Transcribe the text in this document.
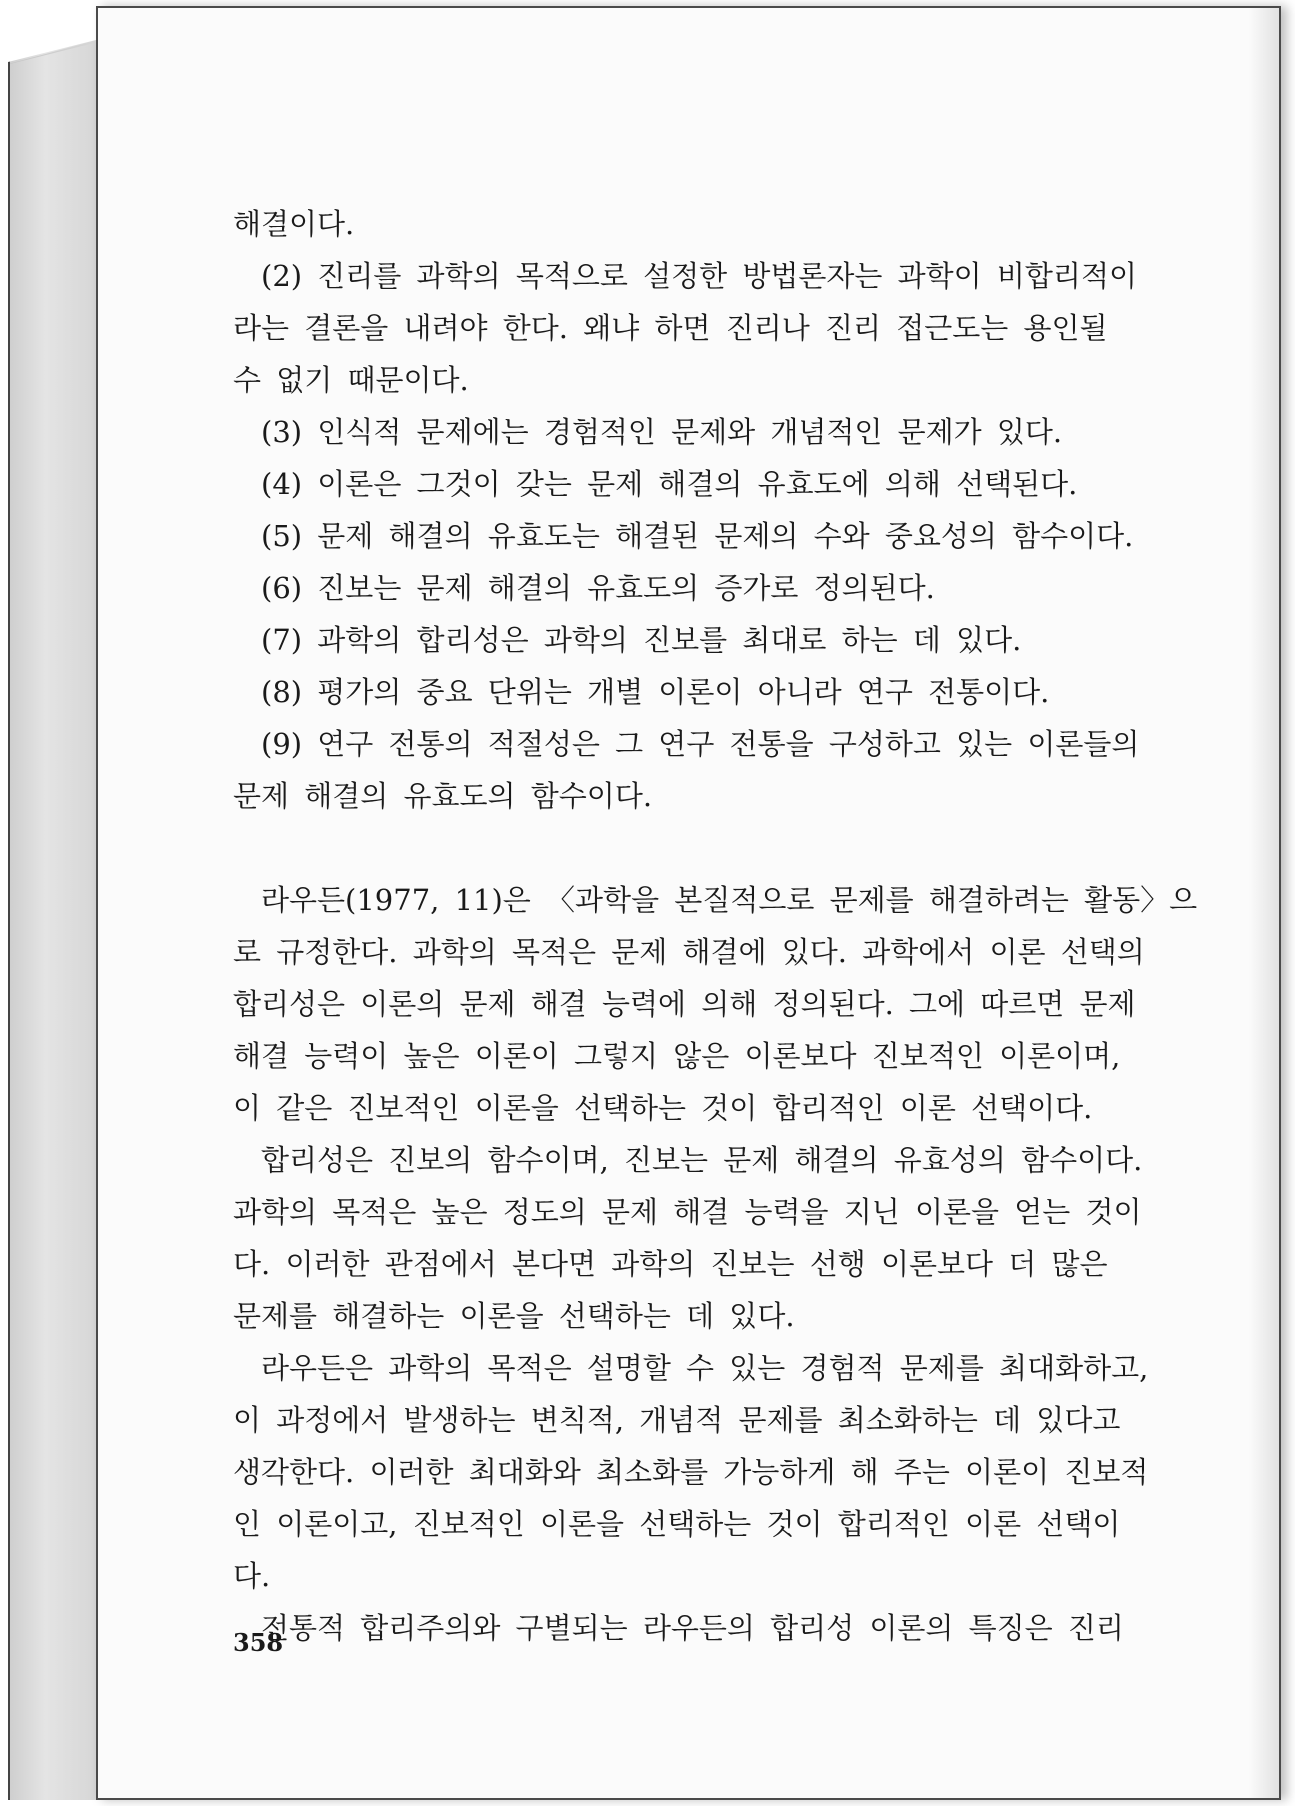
해결이다.

(2) 진리를 과학의 목적으로 설정한 방법론자는 과학이 비합리적이

라는 결론을 내려야 한다. 왜냐 하면 진리나 진리 접근도는 용인될

수 없기 때문이다.

(3) 인식적 문제에는 경험적인 문제와 개념적인 문제가 있다.

(4) 이론은 그것이 갖는 문제 해결의 유효도에 의해 선택된다.

(5) 문제 해결의 유효도는 해결된 문제의 수와 중요성의 함수이다.

(6) 진보는 문제 해결의 유효도의 증가로 정의된다.

(7) 과학의 합리성은 과학의 진보를 최대로 하는 데 있다.

(8) 평가의 중요 단위는 개별 이론이 아니라 연구 전통이다.

(9) 연구 전통의 적절성은 그 연구 전통을 구성하고 있는 이론들의

문제 해결의 유효도의 함수이다.

라우든(1977, 11)은 〈과학을 본질적으로 문제를 해결하려는 활동〉으

로 규정한다. 과학의 목적은 문제 해결에 있다. 과학에서 이론 선택의

합리성은 이론의 문제 해결 능력에 의해 정의된다. 그에 따르면 문제

해결 능력이 높은 이론이 그렇지 않은 이론보다 진보적인 이론이며,

이 같은 진보적인 이론을 선택하는 것이 합리적인 이론 선택이다.

합리성은 진보의 함수이며, 진보는 문제 해결의 유효성의 함수이다.

과학의 목적은 높은 정도의 문제 해결 능력을 지닌 이론을 얻는 것이

다. 이러한 관점에서 본다면 과학의 진보는 선행 이론보다 더 많은

문제를 해결하는 이론을 선택하는 데 있다.

라우든은 과학의 목적은 설명할 수 있는 경험적 문제를 최대화하고,

이 과정에서 발생하는 변칙적, 개념적 문제를 최소화하는 데 있다고

생각한다. 이러한 최대화와 최소화를 가능하게 해 주는 이론이 진보적

인 이론이고, 진보적인 이론을 선택하는 것이 합리적인 이론 선택이

다.

전통적 합리주의와 구별되는 라우든의 합리성 이론의 특징은 진리

358
